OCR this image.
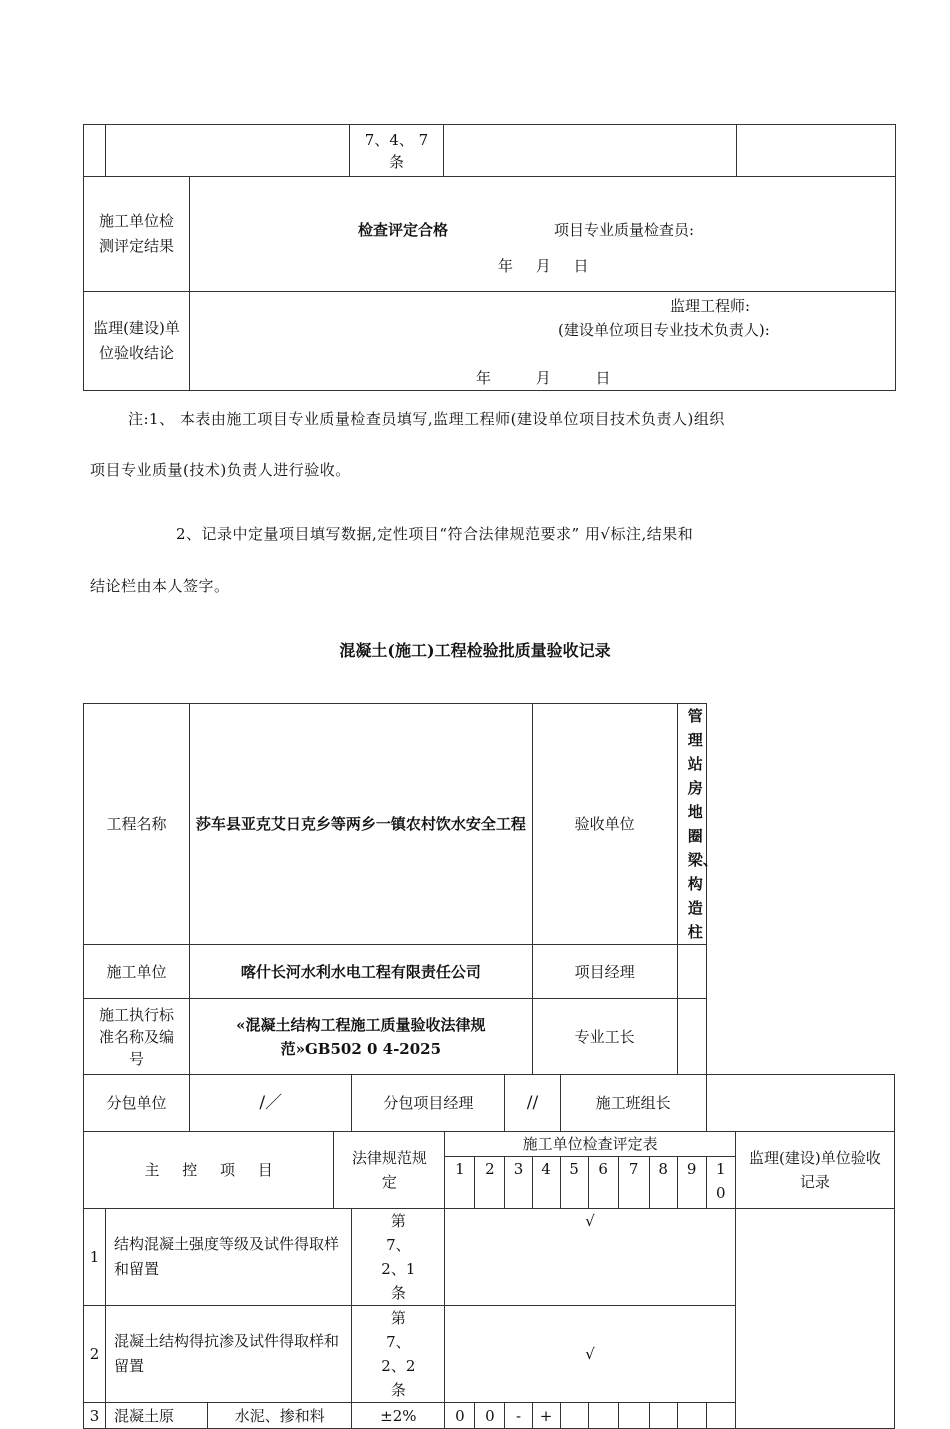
			7、4、 7 条		
施工单位检测评定结果		检查评定合格 项目专业质量检查员:
年 月 日			

监理(建设)单位验收结论		监理工程师:
(建设单位项目专业技术负责人):
年 月 日			
注:1、 本表由施工项目专业质量检查员填写,监理工程师(建设单位项目技术负责人)组织
项目专业质量(技术)负责人进行验收。
2、记录中定量项目填写数据,定性项目“符合法律规范要求” 用√标注,结果和
结论栏由本人签字。
混凝土(施工)工程检验批质量验收记录
工程名称		莎车县亚克艾日克乡等两乡一镇农村饮水安全工程							验收单位					管理站房地圈梁、构造柱		
施工单位		喀什长河水利水电工程有限责任公司							项目经理							
施工执行标准名称及编号		«混凝土结构工程施工质量验收法律规范»GB502 0 4-2025							专业工长							
分包单位		/／			分包项目经理			//		施工班组长						
主 控 项 目				法律规范规定		施工单位检查评定表										监理(建设)单位验收记录
						1	2	3	4	5	6	7	8	9	10	
1	结构混凝土强度等级及试件得取样和留置				第 7、2、1 条	√										
2	混凝土结构得抗渗及试件得取样和留置				第 7、2、2 条	√										
3	混凝土原		水泥、掺和料		±2%	0	0	-	+							
